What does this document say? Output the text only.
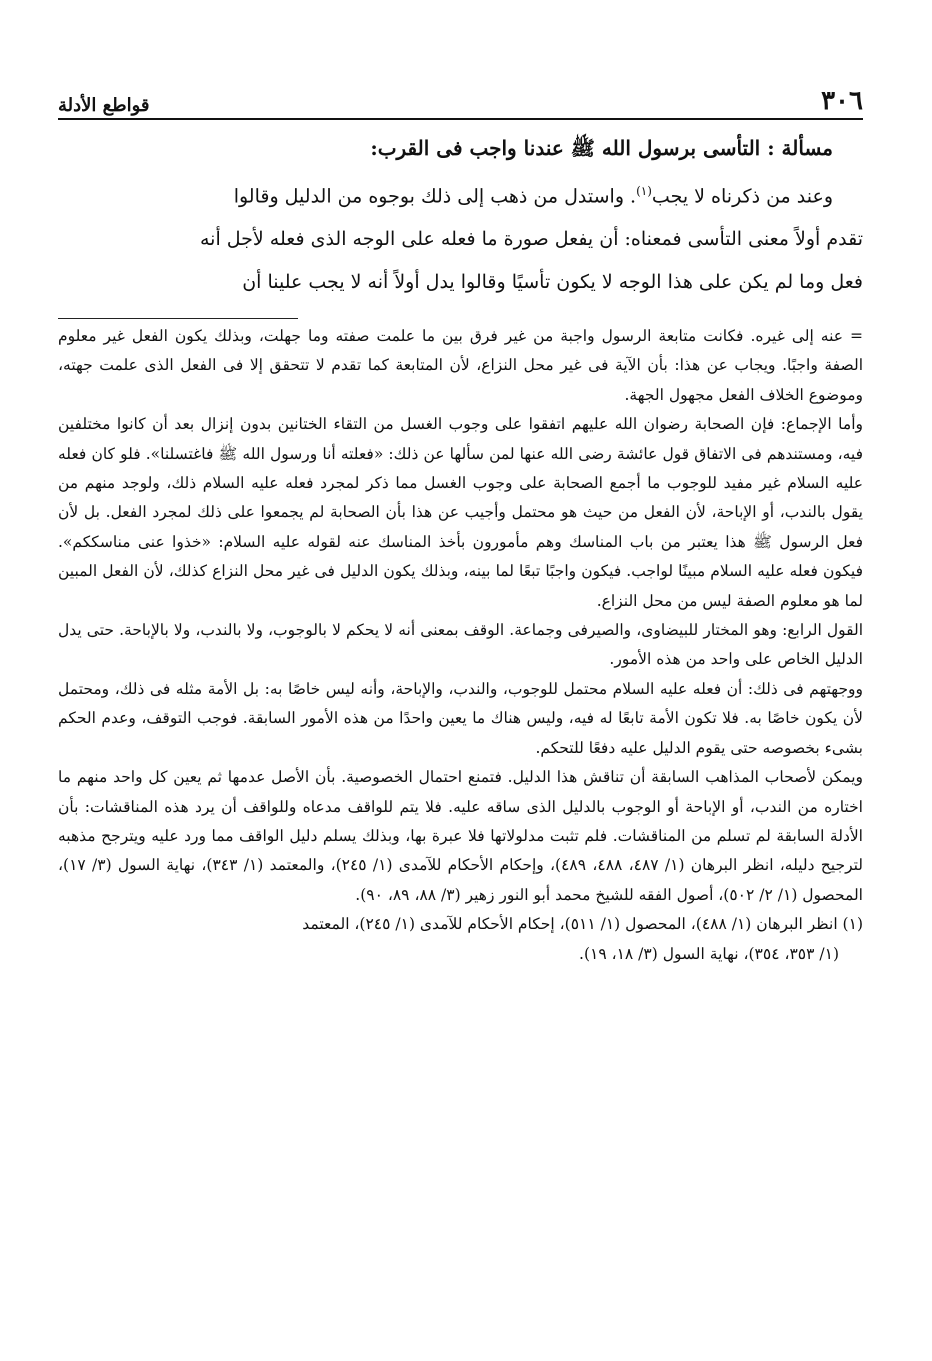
٣٠٦
قواطع الأدلة

مسألة : التأسى برسول الله ﷺ عندنا واجب فى القرب:

وعند من ذكرناه لا يجب$^{(١)}$. واستدل من ذهب إلى ذلك بوجوه من الدليل وقالوا

تقدم أولاً معنى التأسى فمعناه: أن يفعل صورة ما فعله على الوجه الذى فعله لأجل أنه

فعل وما لم يكن على هذا الوجه لا يكون تأسيًا وقالوا يدل أولاً أنه لا يجب علينا أن

= عنه إلى غيره. فكانت متابعة الرسول واجبة من غير فرق بين ما علمت صفته وما جهلت، وبذلك يكون الفعل غير معلوم الصفة واجبًا. ويجاب عن هذا: بأن الآية فى غير محل النزاع، لأن المتابعة كما تقدم لا تتحقق إلا فى الفعل الذى علمت جهته، وموضوع الخلاف الفعل مجهول الجهة.

وأما الإجماع: فإن الصحابة رضوان الله عليهم اتفقوا على وجوب الغسل من التقاء الختانين بدون إنزال بعد أن كانوا مختلفين فيه، ومستندهم فى الاتفاق قول عائشة رضى الله عنها لمن سألها عن ذلك: «فعلته أنا ورسول الله ﷺ فاغتسلنا». فلو كان فعله عليه السلام غير مفيد للوجوب ما أجمع الصحابة على وجوب الغسل مما ذكر لمجرد فعله عليه السلام ذلك، ولوجد منهم من يقول بالندب، أو الإباحة، لأن الفعل من حيث هو محتمل وأجيب عن هذا بأن الصحابة لم يجمعوا على ذلك لمجرد الفعل. بل لأن فعل الرسول ﷺ هذا يعتبر من باب المناسك وهم مأمورون بأخذ المناسك عنه لقوله عليه السلام: «خذوا عنى مناسككم». فيكون فعله عليه السلام مبينًا لواجب. فيكون واجبًا تبعًا لما بينه، وبذلك يكون الدليل فى غير محل النزاع كذلك، لأن الفعل المبين لما هو معلوم الصفة ليس من محل النزاع.

القول الرابع: وهو المختار للبيضاوى، والصيرفى وجماعة. الوقف بمعنى أنه لا يحكم لا بالوجوب، ولا بالندب، ولا بالإباحة. حتى يدل الدليل الخاص على واحد من هذه الأمور.

ووجهتهم فى ذلك: أن فعله عليه السلام محتمل للوجوب، والندب، والإباحة، وأنه ليس خاصًا به: بل الأمة مثله فى ذلك، ومحتمل لأن يكون خاصًا به. فلا تكون الأمة تابعًا له فيه، وليس هناك ما يعين واحدًا من هذه الأمور السابقة. فوجب التوقف، وعدم الحكم بشىء بخصوصه حتى يقوم الدليل عليه دفعًا للتحكم.

ويمكن لأصحاب المذاهب السابقة أن تناقش هذا الدليل. فتمنع احتمال الخصوصية. بأن الأصل عدمها ثم يعين كل واحد منهم ما اختاره من الندب، أو الإباحة أو الوجوب بالدليل الذى ساقه عليه. فلا يتم للواقف مدعاه وللواقف أن يرد هذه المناقشات: بأن الأدلة السابقة لم تسلم من المناقشات. فلم تثبت مدلولاتها فلا عبرة بها، وبذلك يسلم دليل الواقف مما ورد عليه ويترجح مذهبه لترجيح دليله، انظر البرهان (١/ ٤٨٧، ٤٨٨، ٤٨٩)، وإحكام الأحكام للآمدى (١/ ٢٤٥)، والمعتمد (١/ ٣٤٣)، نهاية السول (٣/ ١٧)، المحصول (١/ ٢/ ٥٠٢)، أصول الفقه للشيخ محمد أبو النور زهير (٣/ ٨٨، ٨٩، ٩٠).

(١) انظر البرهان (١/ ٤٨٨)، المحصول (١/ ٥١١)، إحكام الأحكام للآمدى (١/ ٢٤٥)، المعتمد

(١/ ٣٥٣، ٣٥٤)، نهاية السول (٣/ ١٨، ١٩).
